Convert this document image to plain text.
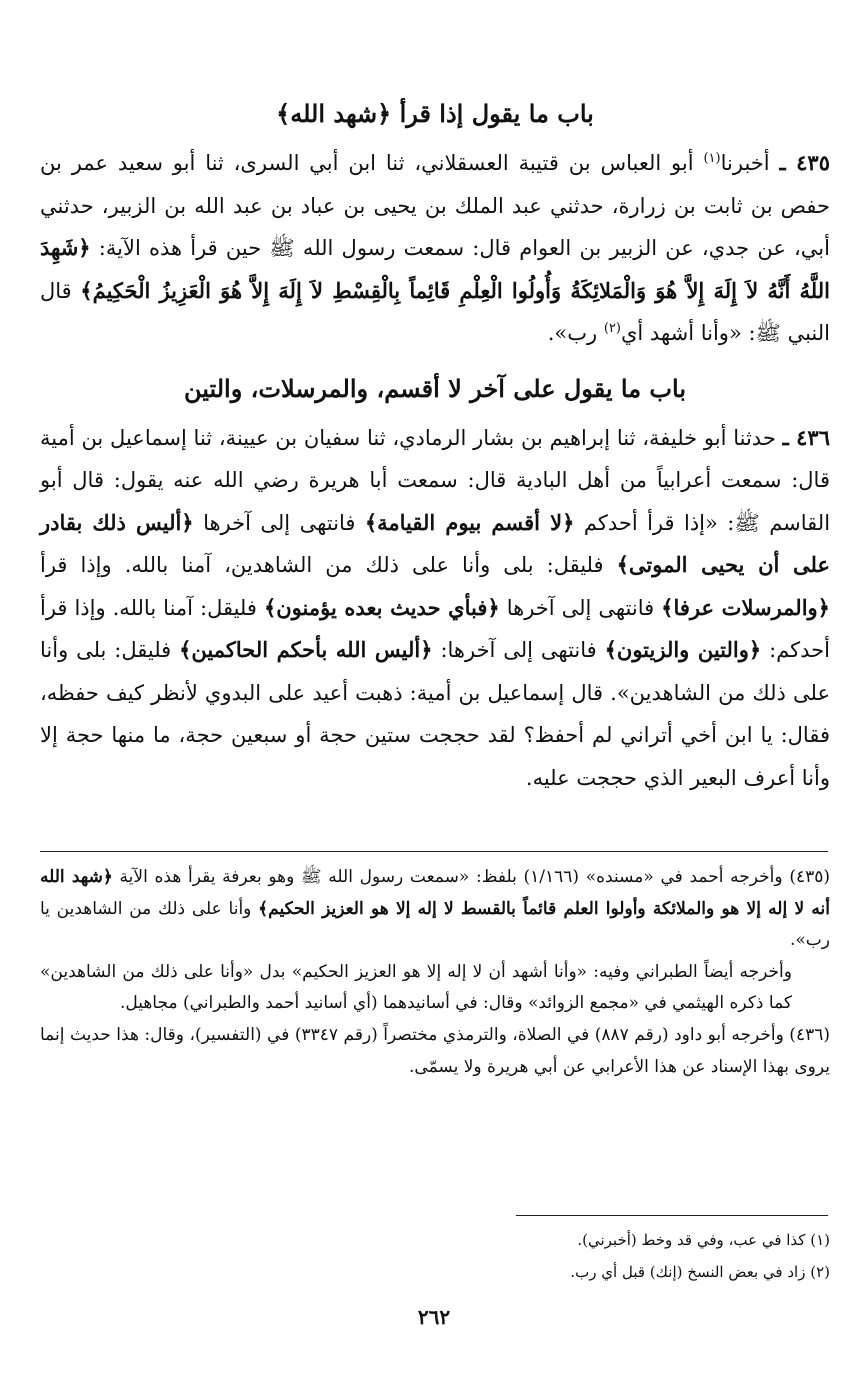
باب ما يقول إذا قرأ ﴿شهد الله﴾

٤٣٥ ـ أخبرنا$^{(١)}$ أبو العباس بن قتيبة العسقلاني، ثنا ابن أبي السرى، ثنا أبو سعيد عمر بن حفص بن ثابت بن زرارة، حدثني عبد الملك بن يحيى بن عباد بن عبد الله بن الزبير، حدثني أبي، عن جدي، عن الزبير بن العوام قال: سمعت رسول الله ﷺ حين قرأ هذه الآية: ﴿شَهِدَ اللَّهُ أَنَّهُ لاَ إِلَهَ إِلاَّ هُوَ وَالْمَلائِكَةُ وَأُولُوا الْعِلْمِ قَائِماً بِالْقِسْطِ لاَ إِلَهَ إِلاَّ هُوَ الْعَزِيزُ الْحَكِيمُ﴾ قال النبي ﷺ: «وأنا أشهد أي$^{(٢)}$ رب».

باب ما يقول على آخر لا أقسم، والمرسلات، والتين

٤٣٦ ـ حدثنا أبو خليفة، ثنا إبراهيم بن بشار الرمادي، ثنا سفيان بن عيينة، ثنا إسماعيل بن أمية قال: سمعت أعرابياً من أهل البادية قال: سمعت أبا هريرة رضي الله عنه يقول: قال أبو القاسم ﷺ: «إذا قرأ أحدكم ﴿لا أقسم بيوم القيامة﴾ فانتهى إلى آخرها ﴿أليس ذلك بقادر على أن يحيى الموتى﴾ فليقل: بلى وأنا على ذلك من الشاهدين، آمنا بالله. وإذا قرأ ﴿والمرسلات عرفا﴾ فانتهى إلى آخرها ﴿فبأي حديث بعده يؤمنون﴾ فليقل: آمنا بالله. وإذا قرأ أحدكم: ﴿والتين والزيتون﴾ فانتهى إلى آخرها: ﴿أليس الله بأحكم الحاكمين﴾ فليقل: بلى وأنا على ذلك من الشاهدين». قال إسماعيل بن أمية: ذهبت أعيد على البدوي لأنظر كيف حفظه، فقال: يا ابن أخي أتراني لم أحفظ؟ لقد حججت ستين حجة أو سبعين حجة، ما منها حجة إلا وأنا أعرف البعير الذي حججت عليه.

(٤٣٥) وأخرجه أحمد في «مسنده» (١/١٦٦) بلفظ: «سمعت رسول الله ﷺ وهو بعرفة يقرأ هذه الآية ﴿شهد الله أنه لا إله إلا هو والملائكة وأولوا العلم قائماً بالقسط لا إله إلا هو العزيز الحكيم﴾ وأنا على ذلك من الشاهدين يا رب».

وأخرجه أيضاً الطبراني وفيه: «وأنا أشهد أن لا إله إلا هو العزيز الحكيم» بدل «وأنا على ذلك من الشاهدين» كما ذكره الهيثمي في «مجمع الزوائد» وقال: في أسانيدهما (أي أسانيد أحمد والطبراني) مجاهيل.

(٤٣٦) وأخرجه أبو داود (رقم ٨٨٧) في الصلاة، والترمذي مختصراً (رقم ٣٣٤٧) في (التفسير)، وقال: هذا حديث إنما يروى بهذا الإسناد عن هذا الأعرابي عن أبي هريرة ولا يسمّى.

(١) كذا في عب، وفي قد وخط (أخبرني).

(٢) زاد في بعض النسخ (إنك) قبل أي رب.

٢٦٢
